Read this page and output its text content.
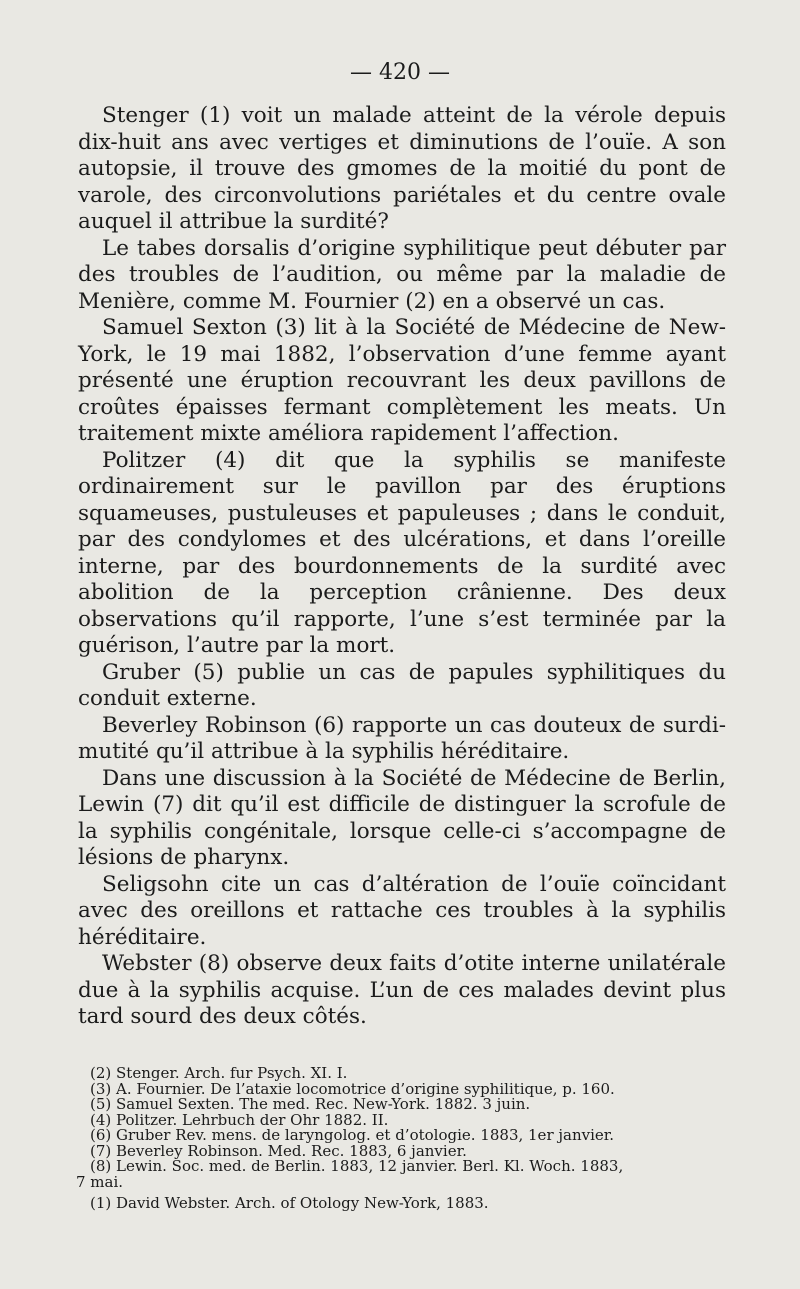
— 420 —

Stenger (1) voit un malade atteint de la vérole depuis dix-huit ans avec vertiges et diminutions de l’ouïe. A son autopsie, il trouve des gmomes de la moitié du pont de varole, des circonvolutions pariétales et du centre ovale auquel il attribue la surdité?

Le tabes dorsalis d’origine syphilitique peut débuter par des troubles de l’audition, ou même par la maladie de Menière, comme M. Fournier (2) en a observé un cas.

Samuel Sexton (3) lit à la Société de Médecine de New-York, le 19 mai 1882, l’observation d’une femme ayant présenté une éruption recouvrant les deux pavillons de croûtes épaisses fermant complètement les meats. Un traitement mixte améliora rapidement l’affection.

Politzer (4) dit que la syphilis se manifeste ordinairement sur le pavillon par des éruptions squameuses, pustuleuses et papuleuses ; dans le conduit, par des condylomes et des ulcérations, et dans l’oreille interne, par des bourdonnements de la surdité avec abolition de la perception crânienne. Des deux observations qu’il rapporte, l’une s’est terminée par la guérison, l’autre par la mort.

Gruber (5) publie un cas de papules syphilitiques du conduit externe.

Beverley Robinson (6) rapporte un cas douteux de surdi-mutité qu’il attribue à la syphilis héréditaire.

Dans une discussion à la Société de Médecine de Berlin, Lewin (7) dit qu’il est difficile de distinguer la scrofule de la syphilis congénitale, lorsque celle-ci s’accompagne de lésions de pharynx.

Seligsohn cite un cas d’altération de l’ouïe coïncidant avec des oreillons et rattache ces troubles à la syphilis héréditaire.

Webster (8) observe deux faits d’otite interne unilatérale due à la syphilis acquise. L’un de ces malades devint plus tard sourd des deux côtés.

(2) Stenger. Arch. fur Psych. XI. I.
(3) A. Fournier. De l’ataxie locomotrice d’origine syphilitique, p. 160.
(5) Samuel Sexten. The med. Rec. New-York. 1882. 3 juin.
(4) Politzer. Lehrbuch der Ohr 1882. II.
(6) Gruber Rev. mens. de laryngolog. et d’otologie. 1883, 1er janvier.
(7) Beverley Robinson. Med. Rec. 1883, 6 janvier.
(8) Lewin. Soc. med. de Berlin. 1883, 12 janvier. Berl. Kl. Woch. 1883,
7 mai.
(1) David Webster. Arch. of Otology New-York, 1883.
